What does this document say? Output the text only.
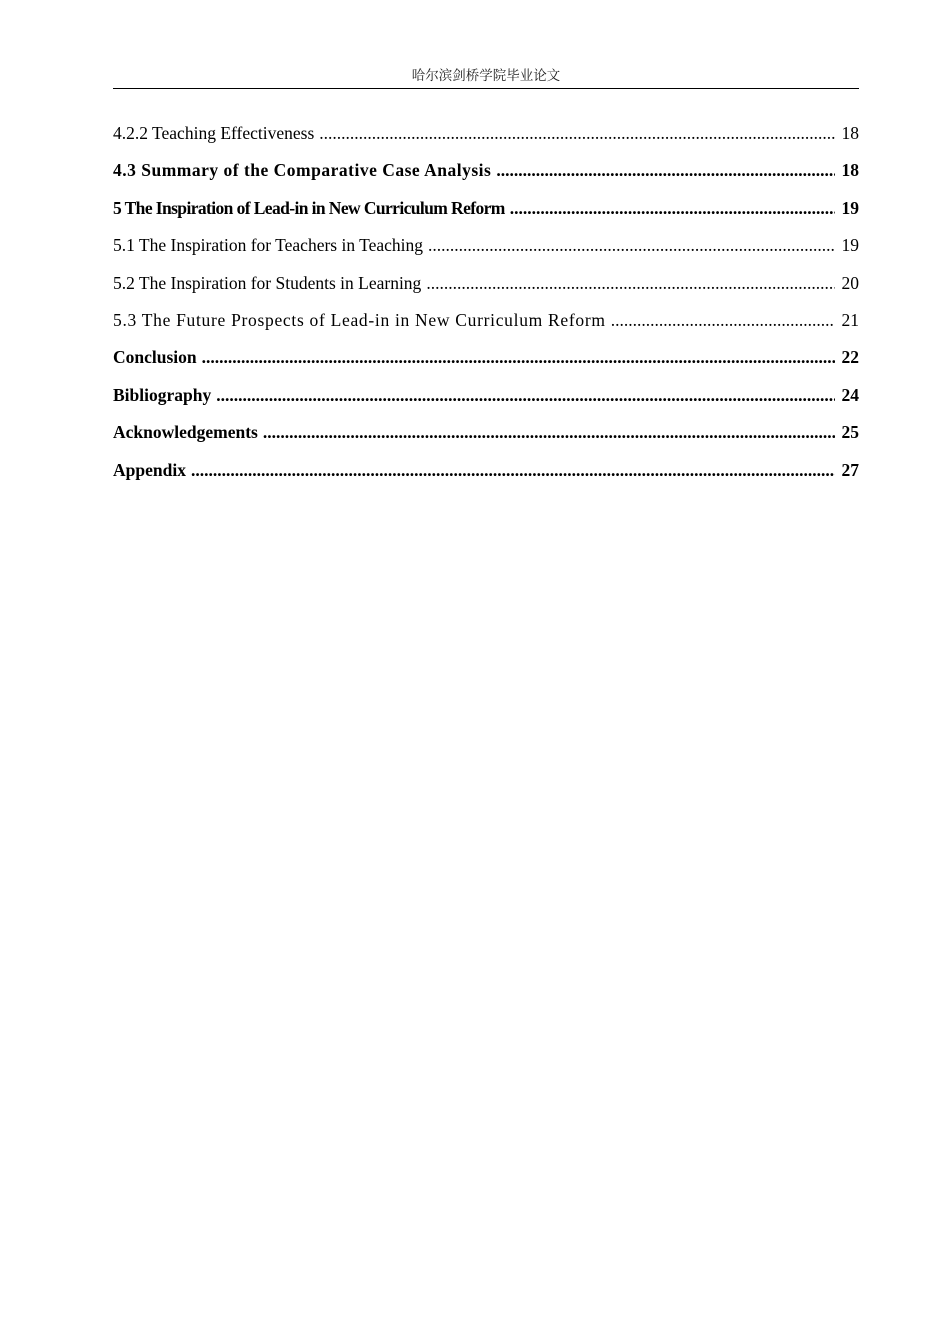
哈尔滨剑桥学院毕业论文
4.2.2 Teaching Effectiveness .....	18
4.3 Summary of the Comparative Case Analysis .....	18
5 The Inspiration of Lead-in in New Curriculum Reform .....	19
5.1 The Inspiration for Teachers in Teaching .....	19
5.2 The Inspiration for Students in Learning .....	20
5.3 The Future Prospects of Lead-in in New Curriculum Reform .....	21
Conclusion .....	22
Bibliography .....	24
Acknowledgements .....	25
Appendix .....	27
